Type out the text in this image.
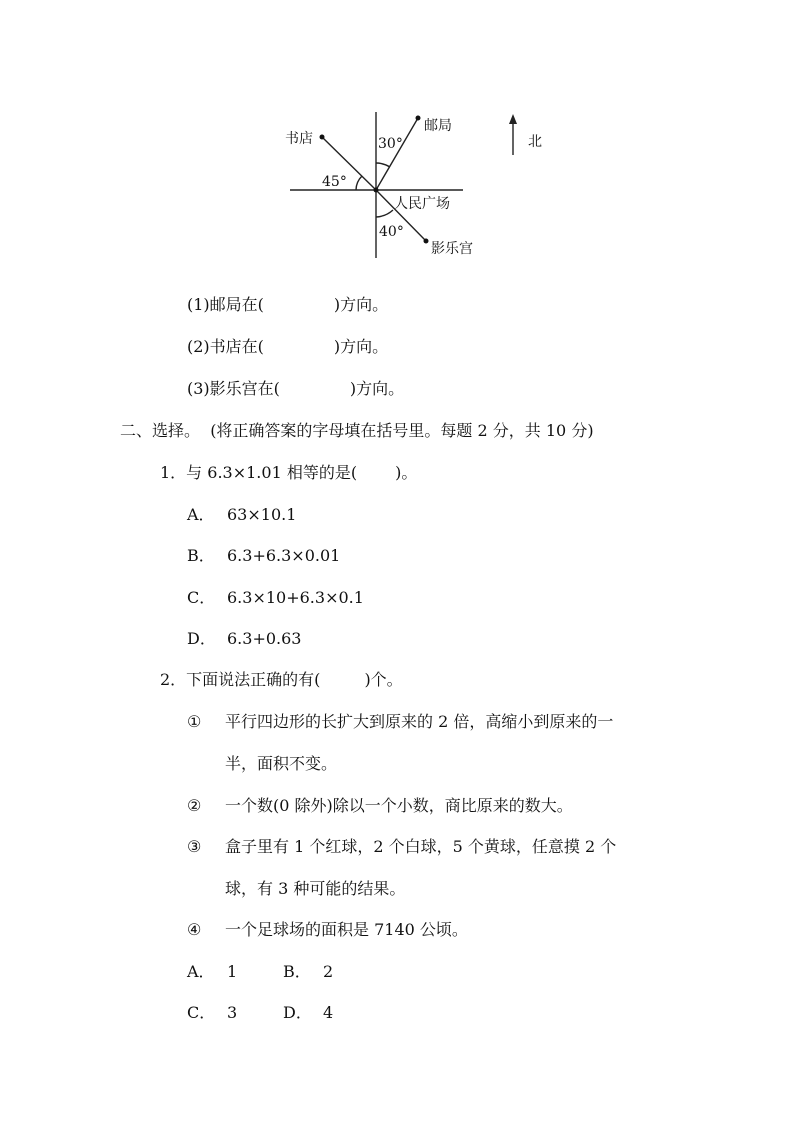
书店
邮局
人民广场
影乐宫
北
45°
30°
40°
(1)邮局在(	)方向。
(2)书店在(	)方向。
(3)影乐宫在(	)方向。
二、选择。 (将正确答案的字母填在括号里。每题 2 分，共 10 分)
1．与 6.3×1.01 相等的是( )。
A． 63×10.1
B． 6.3+6.3×0.01
C． 6.3×10+6.3×0.1
D． 6.3+0.63
2．下面说法正确的有(	)个。
① 平行四边形的长扩大到原来的 2 倍，高缩小到原来的一
半，面积不变。
② 一个数(0 除外)除以一个小数，商比原来的数大。
③ 盒子里有 1 个红球，2 个白球，5 个黄球，任意摸 2 个
球，有 3 种可能的结果。
④ 一个足球场的面积是 7140 公顷。
A． 1	B． 2
C． 3	D． 4
